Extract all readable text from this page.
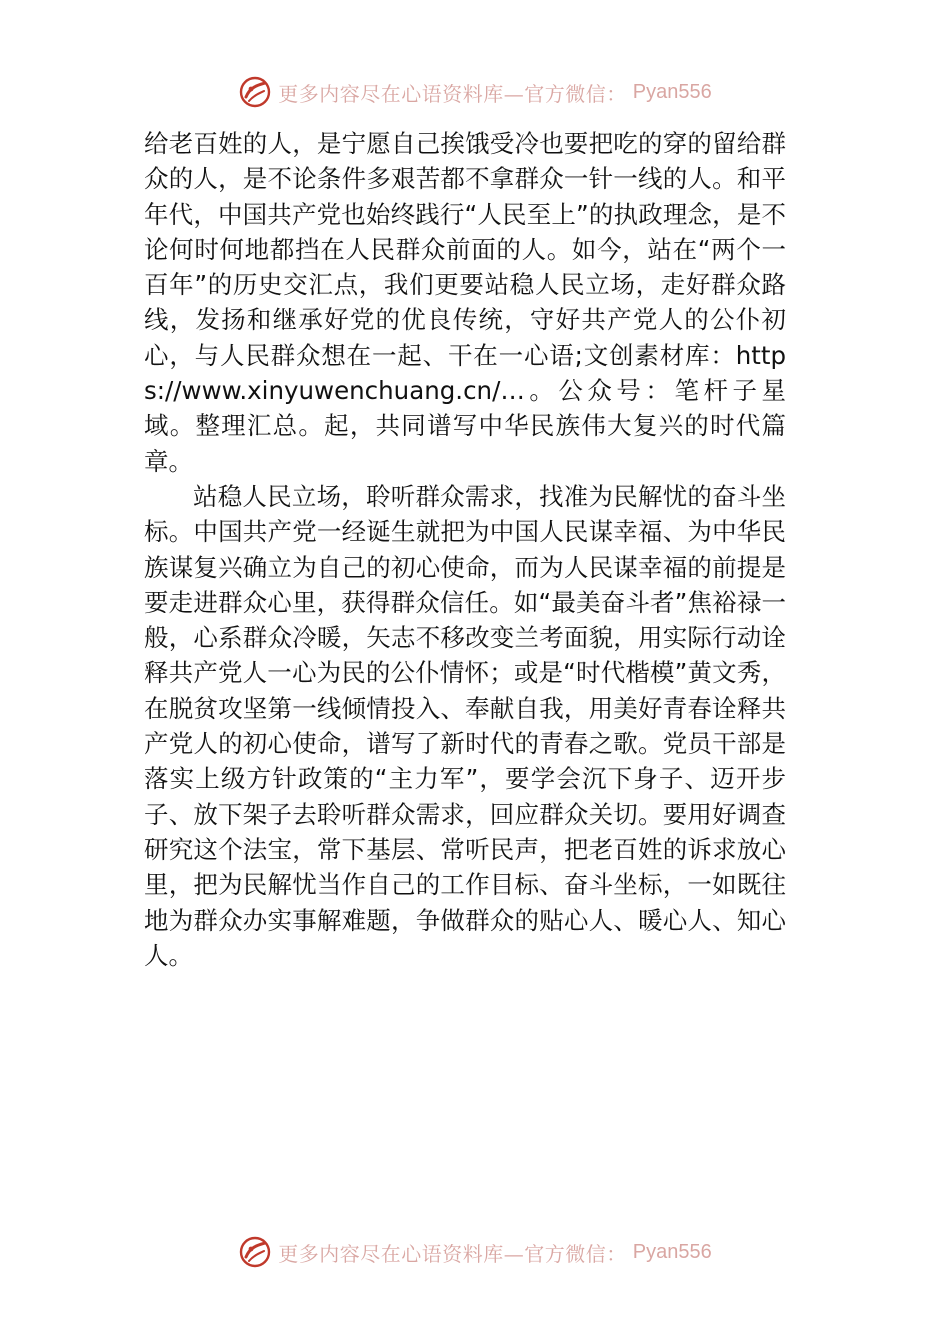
更多内容尽在心语资料库—官方微信： Pyan556

给老百姓的人，是宁愿自己挨饿受冷也要把吃的穿的留给群众的人，是不论条件多艰苦都不拿群众一针一线的人。和平年代，中国共产党也始终践行“人民至上”的执政理念，是不论何时何地都挡在人民群众前面的人。如今，站在“两个一百年”的历史交汇点，我们更要站稳人民立场，走好群众路线，发扬和继承好党的优良传统，守好共产党人的公仆初心，与人民群众想在一起、干在一心语;文创素材库：https://www.xinyuwenchuang.cn/…。公众号：笔杆子星域。整理汇总。起，共同谱写中华民族伟大复兴的时代篇章。

站稳人民立场，聆听群众需求，找准为民解忧的奋斗坐标。中国共产党一经诞生就把为中国人民谋幸福、为中华民族谋复兴确立为自己的初心使命，而为人民谋幸福的前提是要走进群众心里，获得群众信任。如“最美奋斗者”焦裕禄一般，心系群众冷暖，矢志不移改变兰考面貌，用实际行动诠释共产党人一心为民的公仆情怀；或是“时代楷模”黄文秀，在脱贫攻坚第一线倾情投入、奉献自我，用美好青春诠释共产党人的初心使命，谱写了新时代的青春之歌。党员干部是落实上级方针政策的“主力军”，要学会沉下身子、迈开步子、放下架子去聆听群众需求，回应群众关切。要用好调查研究这个法宝，常下基层、常听民声，把老百姓的诉求放心里，把为民解忧当作自己的工作目标、奋斗坐标，一如既往地为群众办实事解难题，争做群众的贴心人、暖心人、知心人。

更多内容尽在心语资料库—官方微信： Pyan556
